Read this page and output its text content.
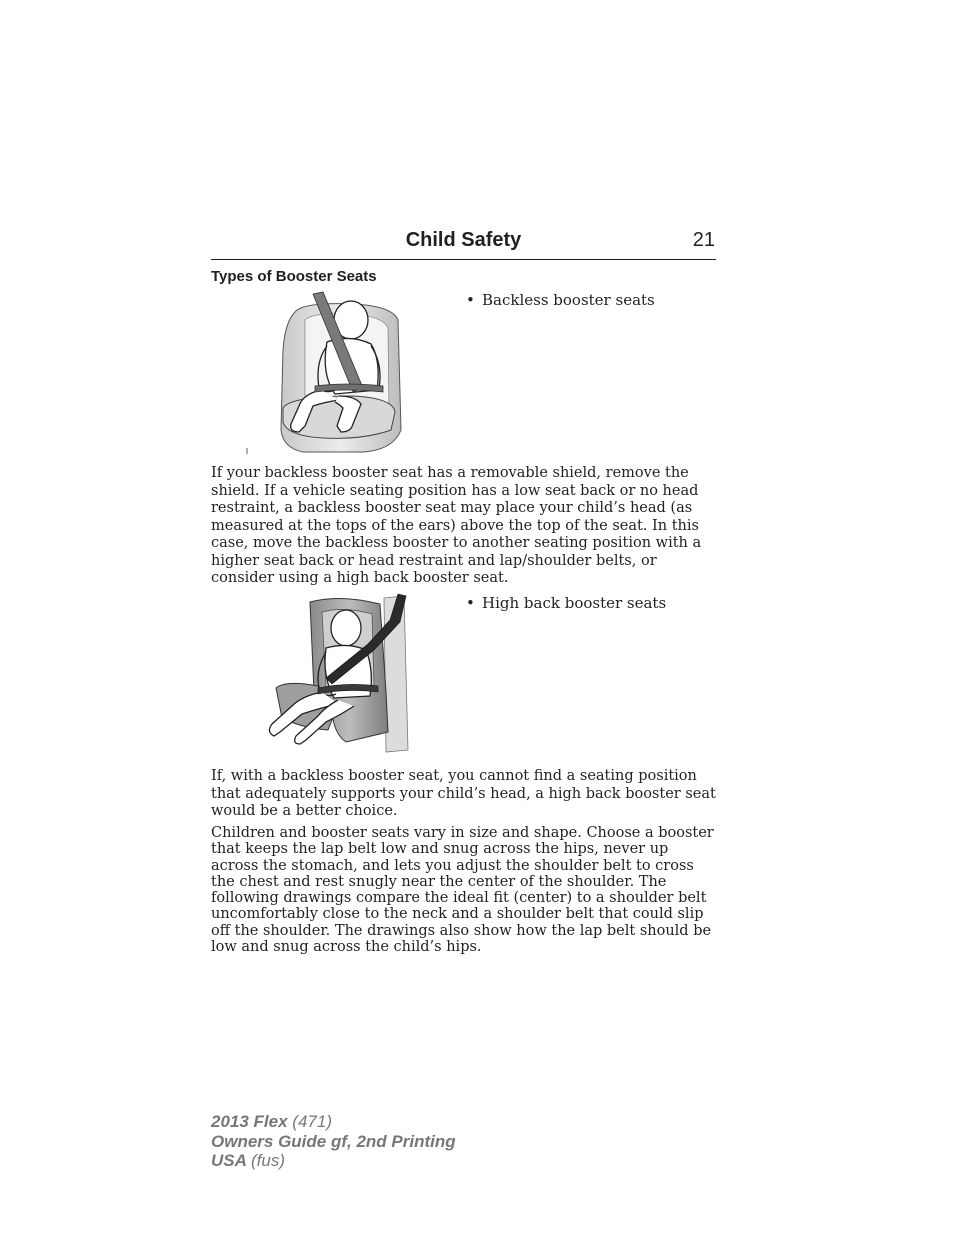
Child Safety	21
Types of Booster Seats
• Backless booster seats

If your backless booster seat has a removable shield, remove the shield. If a vehicle seating position has a low seat back or no head restraint, a backless booster seat may place your child’s head (as measured at the tops of the ears) above the top of the seat. In this case, move the backless booster to another seating position with a higher seat back or head restraint and lap/shoulder belts, or consider using a high back booster seat.

• High back booster seats

If, with a backless booster seat, you cannot find a seating position that adequately supports your child’s head, a high back booster seat would be a better choice.

Children and booster seats vary in size and shape. Choose a booster that keeps the lap belt low and snug across the hips, never up across the stomach, and lets you adjust the shoulder belt to cross the chest and rest snugly near the center of the shoulder. The following drawings compare the ideal fit (center) to a shoulder belt uncomfortably close to the neck and a shoulder belt that could slip off the shoulder. The drawings also show how the lap belt should be low and snug across the child’s hips.

2013 Flex (471)
Owners Guide gf, 2nd Printing
USA (fus)
